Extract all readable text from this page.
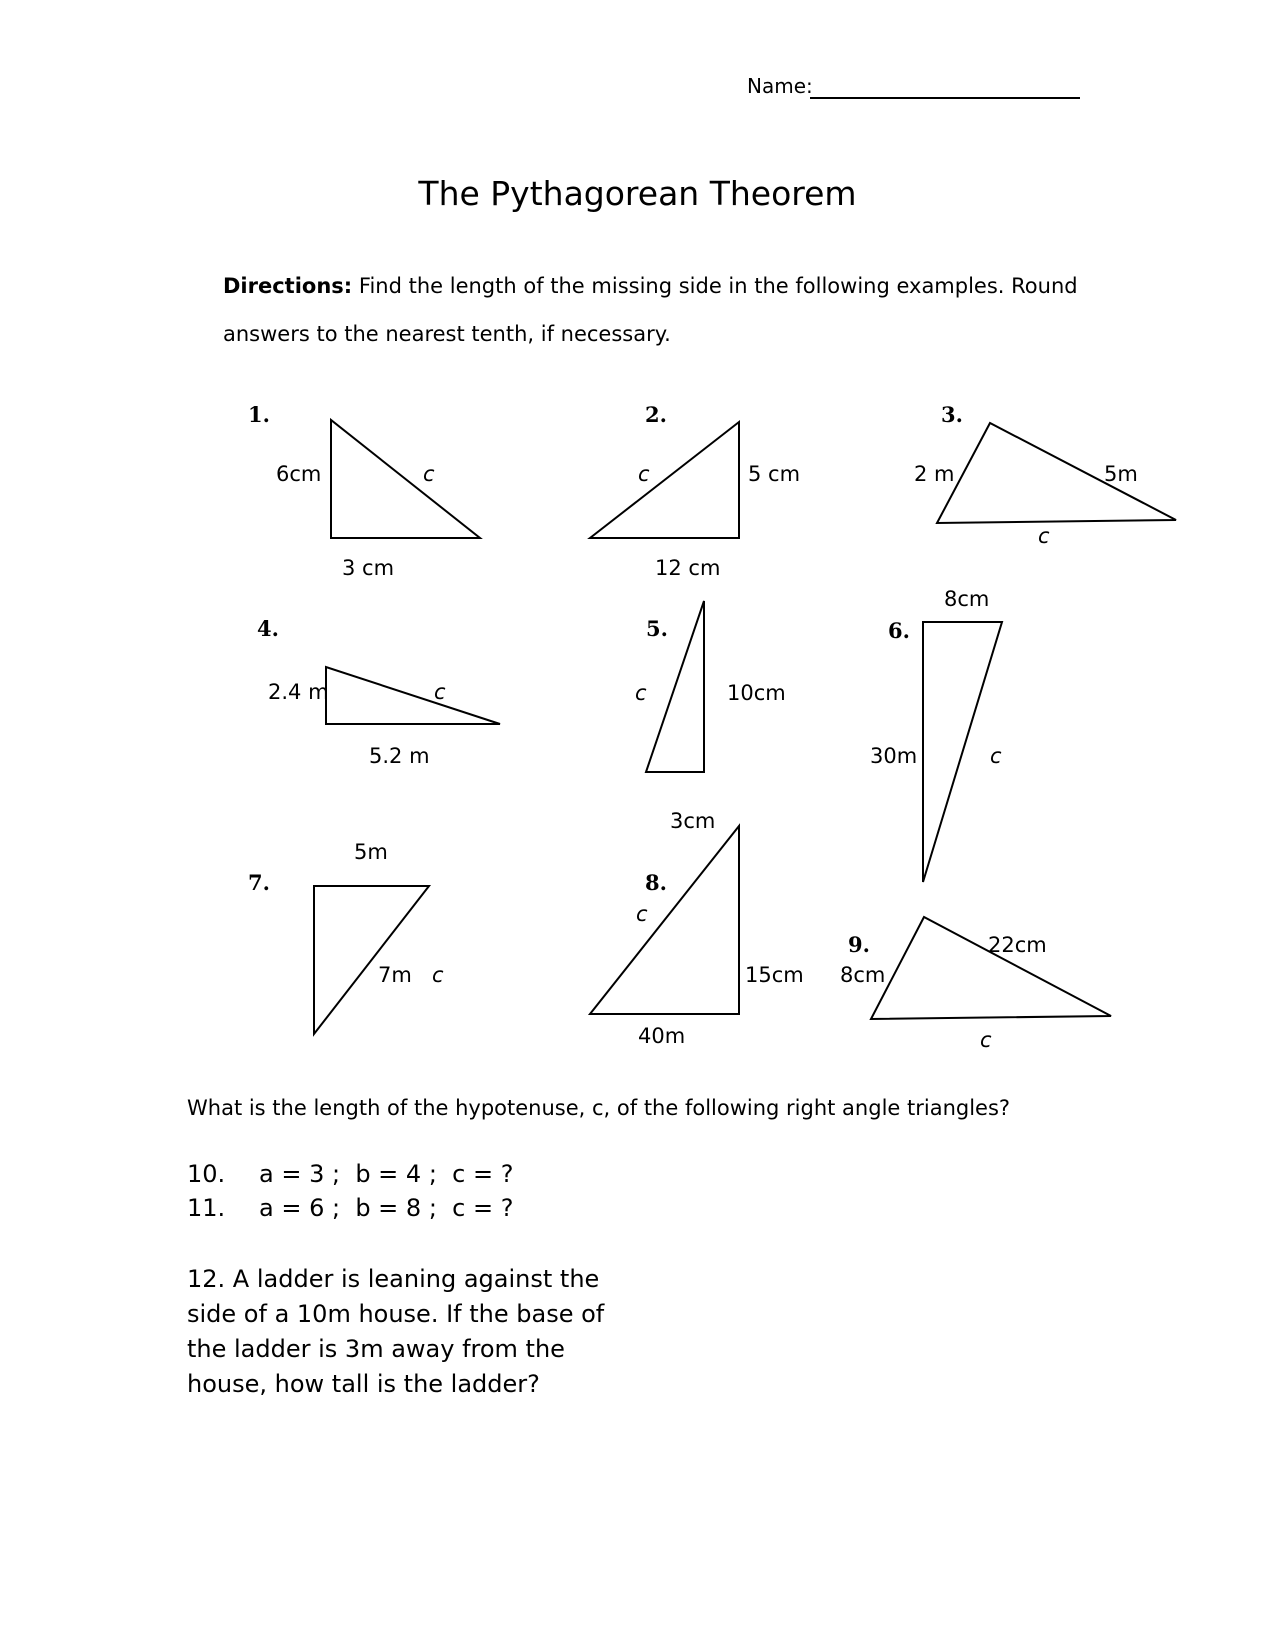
Name:
The Pythagorean Theorem
Directions: Find the length of the missing side in the following examples. Round answers to the nearest tenth, if necessary.
1.	2.	3.
4.	5.	6.
7.	8.
9.
6cm	c
3 cm
c	5 cm
12 cm
2 m	5m
c
2.4 m	c
5.2 m
c	10cm
8cm
30m	c
5m
7m c
3cm
c
15cm
40m
22cm
8cm
c
What is the length of the hypotenuse, c, of the following right angle triangles?
10. a = 3 ;  b = 4 ;  c = ?
11. a = 6 ;  b = 8 ;  c = ?
12. A ladder is leaning against the side of a 10m house. If the base of the ladder is 3m away from the house, how tall is the ladder?
